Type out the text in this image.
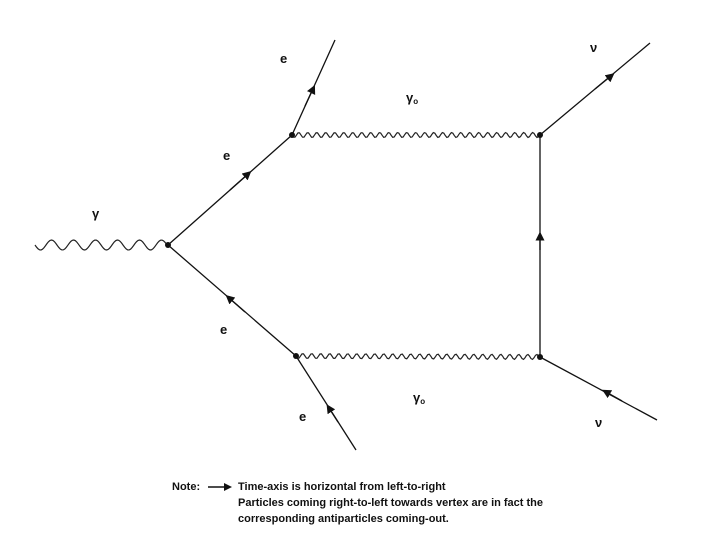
γ
e
e
e
e
γo
γo
ν
ν
Note:	Time-axis is horizontal from left-to-right
Particles coming right-to-left towards vertex are in fact the
corresponding antiparticles coming-out.
